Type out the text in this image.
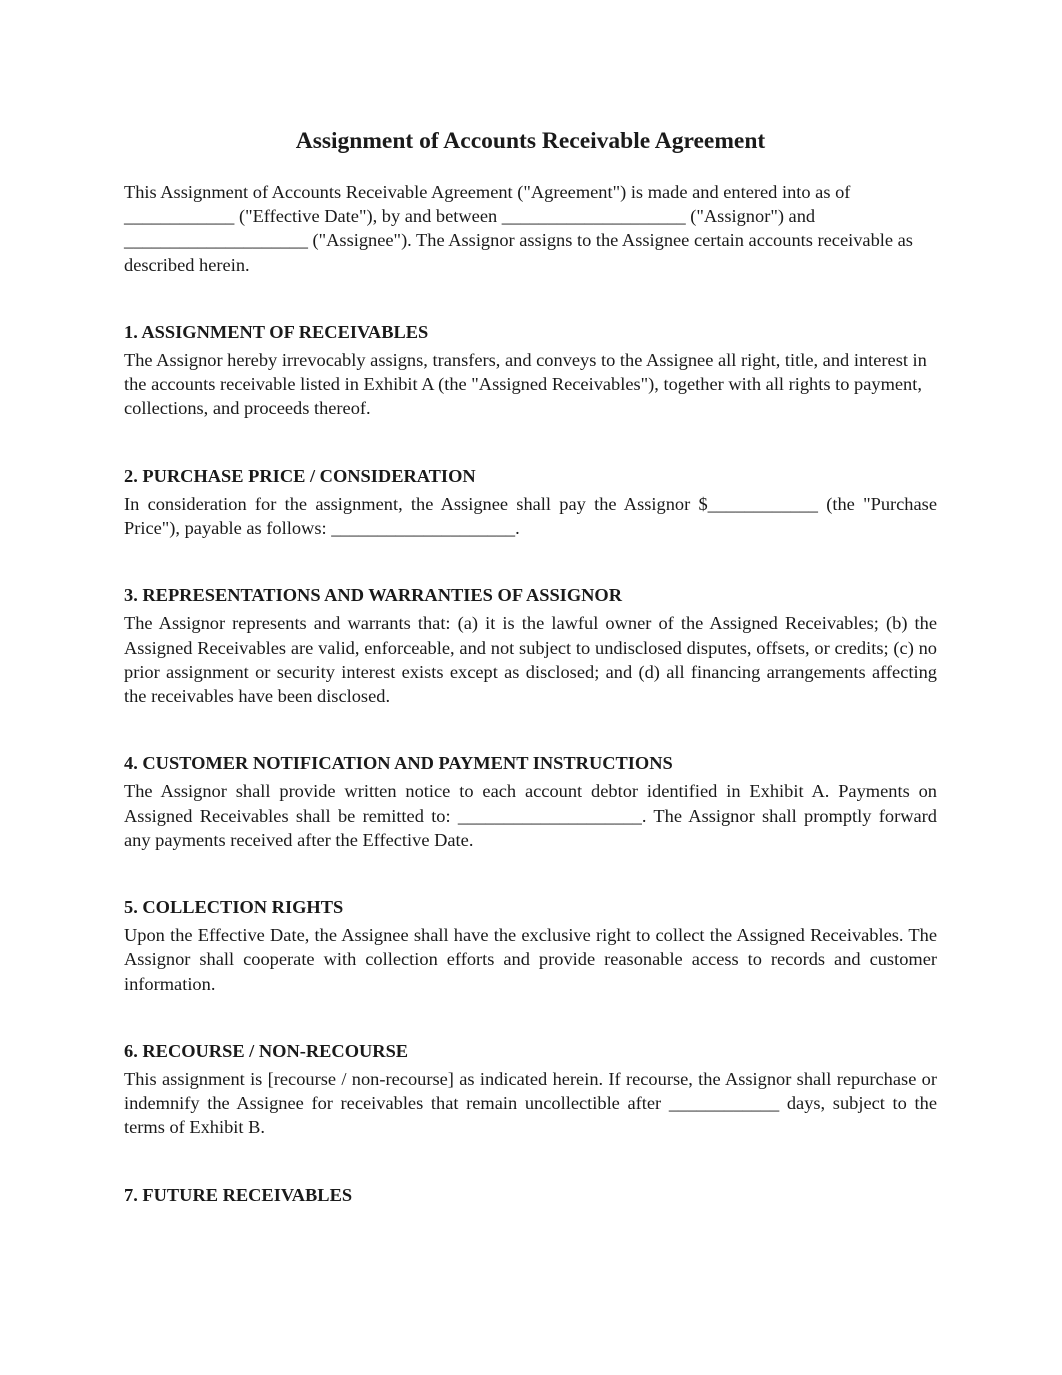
Assignment of Accounts Receivable Agreement

This Assignment of Accounts Receivable Agreement ("Agreement") is made and entered into as of ____________ ("Effective Date"), by and between ____________________ ("Assignor") and ____________________ ("Assignee"). The Assignor assigns to the Assignee certain accounts receivable as described herein.

1. ASSIGNMENT OF RECEIVABLES

The Assignor hereby irrevocably assigns, transfers, and conveys to the Assignee all right, title, and interest in the accounts receivable listed in Exhibit A (the "Assigned Receivables"), together with all rights to payment, collections, and proceeds thereof.

2. PURCHASE PRICE / CONSIDERATION

In consideration for the assignment, the Assignee shall pay the Assignor $____________ (the "Purchase Price"), payable as follows: ____________________.

3. REPRESENTATIONS AND WARRANTIES OF ASSIGNOR

The Assignor represents and warrants that: (a) it is the lawful owner of the Assigned Receivables; (b) the Assigned Receivables are valid, enforceable, and not subject to undisclosed disputes, offsets, or credits; (c) no prior assignment or security interest exists except as disclosed; and (d) all financing arrangements affecting the receivables have been disclosed.

4. CUSTOMER NOTIFICATION AND PAYMENT INSTRUCTIONS

The Assignor shall provide written notice to each account debtor identified in Exhibit A. Payments on Assigned Receivables shall be remitted to: ____________________. The Assignor shall promptly forward any payments received after the Effective Date.

5. COLLECTION RIGHTS

Upon the Effective Date, the Assignee shall have the exclusive right to collect the Assigned Receivables. The Assignor shall cooperate with collection efforts and provide reasonable access to records and customer information.

6. RECOURSE / NON-RECOURSE

This assignment is [recourse / non-recourse] as indicated herein. If recourse, the Assignor shall repurchase or indemnify the Assignee for receivables that remain uncollectible after ____________ days, subject to the terms of Exhibit B.

7. FUTURE RECEIVABLES
